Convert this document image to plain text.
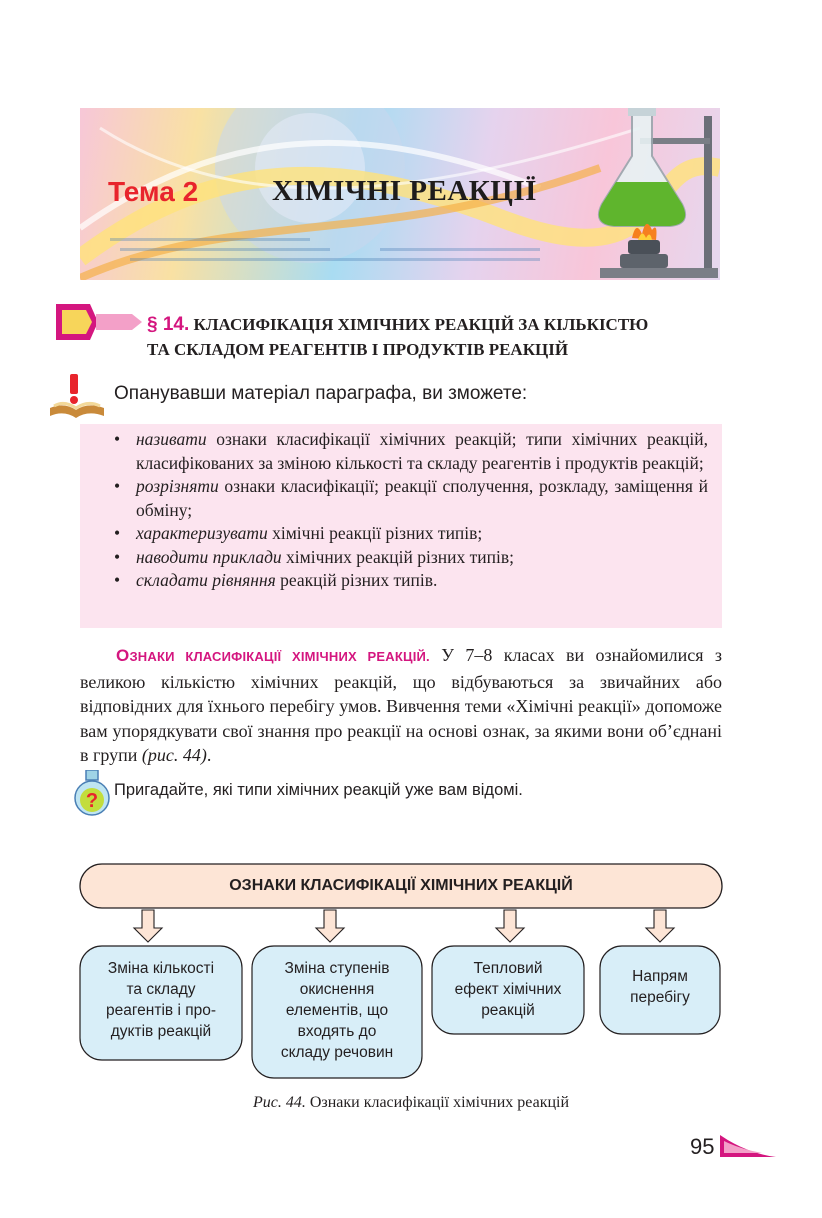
Тема 2	ХІМІЧНІ РЕАКЦІЇ
§ 14. КЛАСИФІКАЦІЯ ХІМІЧНИХ РЕАКЦІЙ ЗА КІЛЬКІСТЮ
ТА СКЛАДОМ РЕАГЕНТІВ І ПРОДУКТІВ РЕАКЦІЙ
Опанувавши матеріал параграфа, ви зможете:
• називати ознаки класифікації хімічних реакцій; типи хімічних реакцій, класифікованих за зміною кількості та складу реагентів і продуктів реакцій;
• розрізняти ознаки класифікації; реакції сполучення, розкладу, заміщення й обміну;
• характеризувати хімічні реакції різних типів;
• наводити приклади хімічних реакцій різних типів;
• складати рівняння реакцій різних типів.

ОЗНАКИ КЛАСИФІКАЦІЇ ХІМІЧНИХ РЕАКЦІЙ. У 7–8 класах ви ознайомилися з великою кількістю хімічних реакцій, що відбуваються за звичайних або відповідних для їхнього перебігу умов. Вивчення теми «Хімічні реакції» допоможе вам упорядкувати свої знання про реакції на основі ознак, за якими вони об’єднані в групи (рис. 44).

? Пригадайте, які типи хімічних реакцій уже вам відомі.
ОЗНАКИ КЛАСИФІКАЦІЇ ХІМІЧНИХ РЕАКЦІЙ
Зміна кількості
та складу
реагентів і про-
дуктів реакцій
Зміна ступенів
окиснення
елементів, що
входять до
складу речовин
Тепловий
ефект хімічних
реакцій
Напрям
перебігу
Рис. 44. Ознаки класифікації хімічних реакцій
95
